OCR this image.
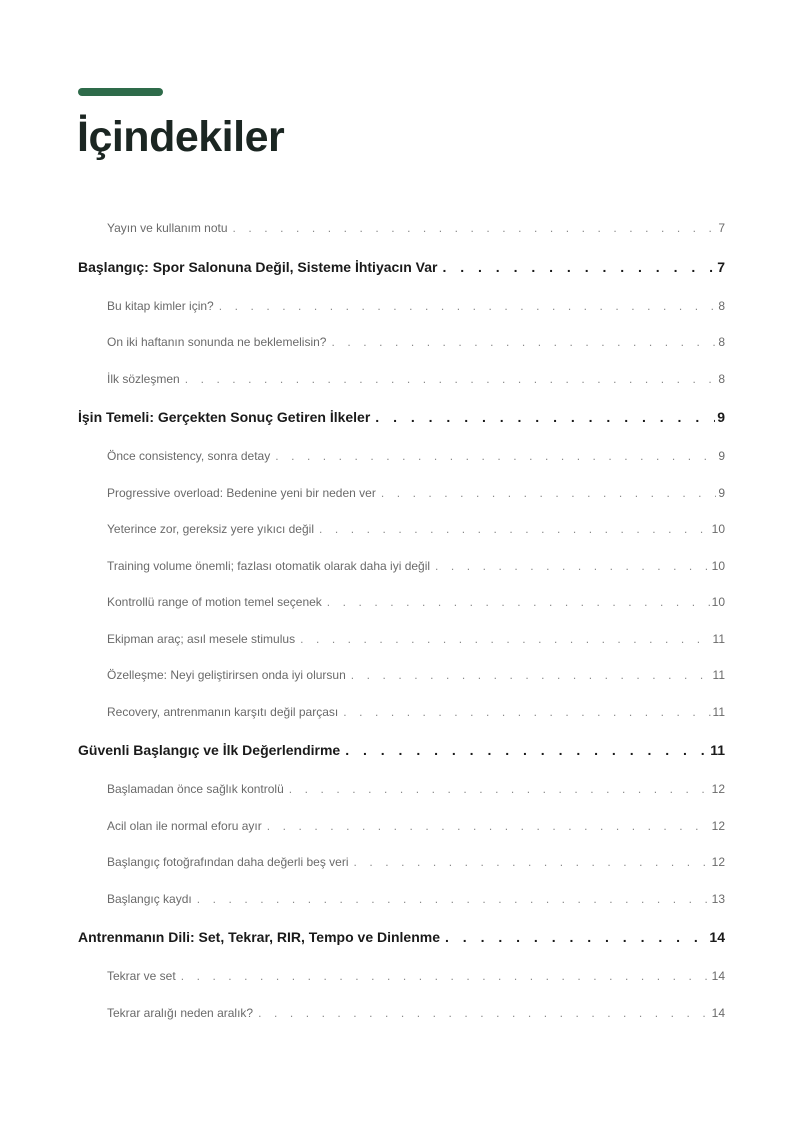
İçindekiler
Yayın ve kullanım notu . . .	7
Başlangıç: Spor Salonuna Değil, Sisteme İhtiyacın Var . . .	7
Bu kitap kimler için? . . .	8
On iki haftanın sonunda ne beklemelisin? . . .	8
İlk sözleşmen . . .	8
İşin Temeli: Gerçekten Sonuç Getiren İlkeler . . .	9
Önce consistency, sonra detay . . .	9
Progressive overload: Bedenine yeni bir neden ver . . .	9
Yeterince zor, gereksiz yere yıkıcı değil . . .	10
Training volume önemli; fazlası otomatik olarak daha iyi değil . . .	10
Kontrollü range of motion temel seçenek . . .	10
Ekipman araç; asıl mesele stimulus . . .	11
Özelleşme: Neyi geliştirirsen onda iyi olursun . . .	11
Recovery, antrenmanın karşıtı değil parçası . . .	11
Güvenli Başlangıç ve İlk Değerlendirme . . .	11
Başlamadan önce sağlık kontrolü . . .	12
Acil olan ile normal eforu ayır . . .	12
Başlangıç fotoğrafından daha değerli beş veri . . .	12
Başlangıç kaydı . . .	13
Antrenmanın Dili: Set, Tekrar, RIR, Tempo ve Dinlenme . . .	14
Tekrar ve set . . .	14
Tekrar aralığı neden aralık? . . .	14
